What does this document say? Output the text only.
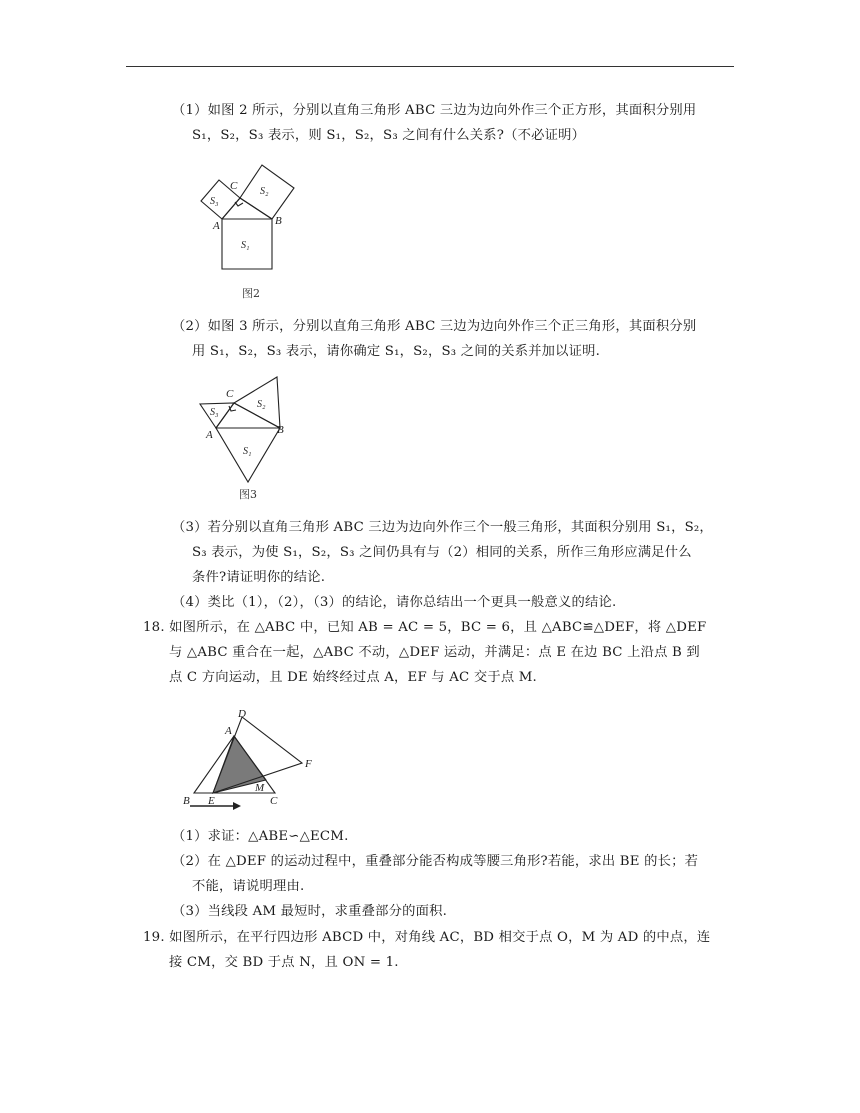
（1）如图 2 所示，分别以直角三角形 ABC 三边为边向外作三个正方形，其面积分别用
S₁，S₂，S₃ 表示，则 S₁，S₂，S₃ 之间有什么关系?（不必证明）
C
A	B
S₁
S₂
S₃
图2
（2）如图 3 所示，分别以直角三角形 ABC 三边为边向外作三个正三角形，其面积分别
用 S₁，S₂，S₃ 表示，请你确定 S₁，S₂，S₃ 之间的关系并加以证明.
C
A	B
S₁
S₂
S₃
图3
（3）若分别以直角三角形 ABC 三边为边向外作三个一般三角形，其面积分别用 S₁，S₂，
S₃ 表示，为使 S₁，S₂，S₃ 之间仍具有与（2）相同的关系，所作三角形应满足什么
条件?请证明你的结论.
（4）类比（1），（2），（3）的结论，请你总结出一个更具一般意义的结论.
18. 如图所示，在 △ABC 中，已知 AB = AC = 5，BC = 6，且 △ABC≌△DEF，将 △DEF
与 △ABC 重合在一起，△ABC 不动，△DEF 运动，并满足：点 E 在边 BC 上沿点 B 到
点 C 方向运动，且 DE 始终经过点 A，EF 与 AC 交于点 M.
A
B	C
D
E
F
M
（1）求证：△ABE∽△ECM.
（2）在 △DEF 的运动过程中，重叠部分能否构成等腰三角形?若能，求出 BE 的长；若
不能，请说明理由.
（3）当线段 AM 最短时，求重叠部分的面积.
19. 如图所示，在平行四边形 ABCD 中，对角线 AC，BD 相交于点 O，M 为 AD 的中点，连
接 CM，交 BD 于点 N，且 ON = 1.
